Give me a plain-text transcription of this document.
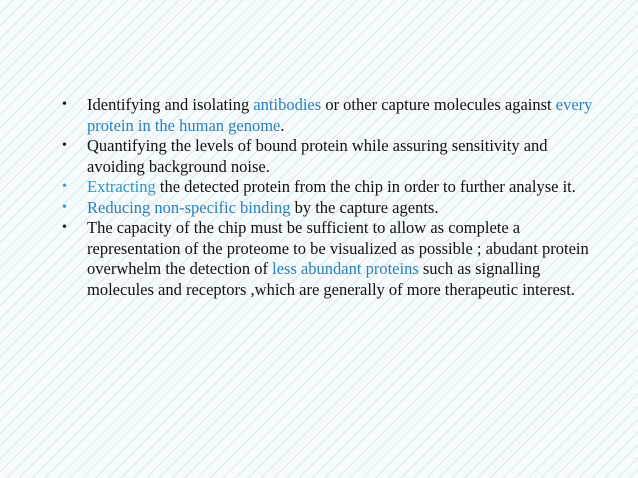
• Identifying and isolating antibodies or other capture molecules against every protein in the human genome.
• Quantifying the levels of bound protein while assuring sensitivity and avoiding background noise.
• Extracting the detected protein from the chip in order to further analyse it.
• Reducing non-specific binding by the capture agents.
• The capacity of the chip must be sufficient to allow as complete a representation of the proteome to be visualized as possible ; abudant protein overwhelm the detection of less abundant proteins such as signalling molecules and receptors ,which are generally of more therapeutic interest.
